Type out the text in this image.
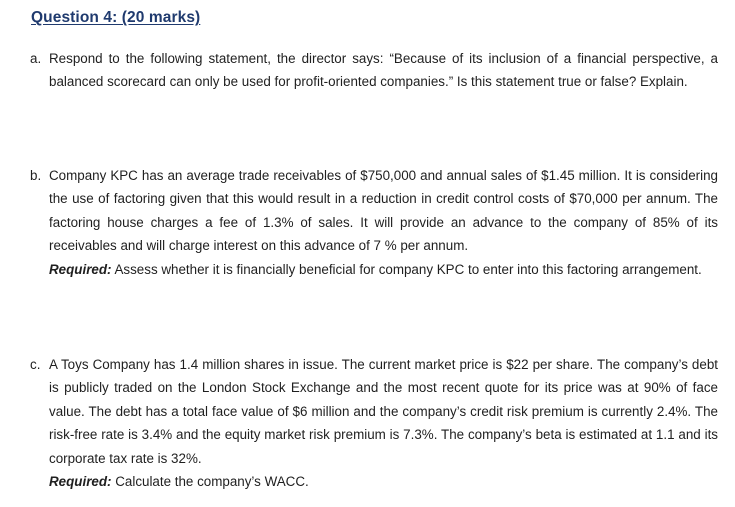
Question 4: (20 marks)
a. Respond to the following statement, the director says: “Because of its inclusion of a financial perspective, a balanced scorecard can only be used for profit-oriented companies.” Is this statement true or false? Explain.

b. Company KPC has an average trade receivables of $750,000 and annual sales of $1.45 million. It is considering the use of factoring given that this would result in a reduction in credit control costs of $70,000 per annum. The factoring house charges a fee of 1.3% of sales. It will provide an advance to the company of 85% of its receivables and will charge interest on this advance of 7 % per annum.

Required: Assess whether it is financially beneficial for company KPC to enter into this factoring arrangement.

c. A Toys Company has 1.4 million shares in issue. The current market price is $22 per share. The company’s debt is publicly traded on the London Stock Exchange and the most recent quote for its price was at 90% of face value. The debt has a total face value of $6 million and the company’s credit risk premium is currently 2.4%. The risk-free rate is 3.4% and the equity market risk premium is 7.3%. The company’s beta is estimated at 1.1 and its corporate tax rate is 32%.

Required: Calculate the company’s WACC.
